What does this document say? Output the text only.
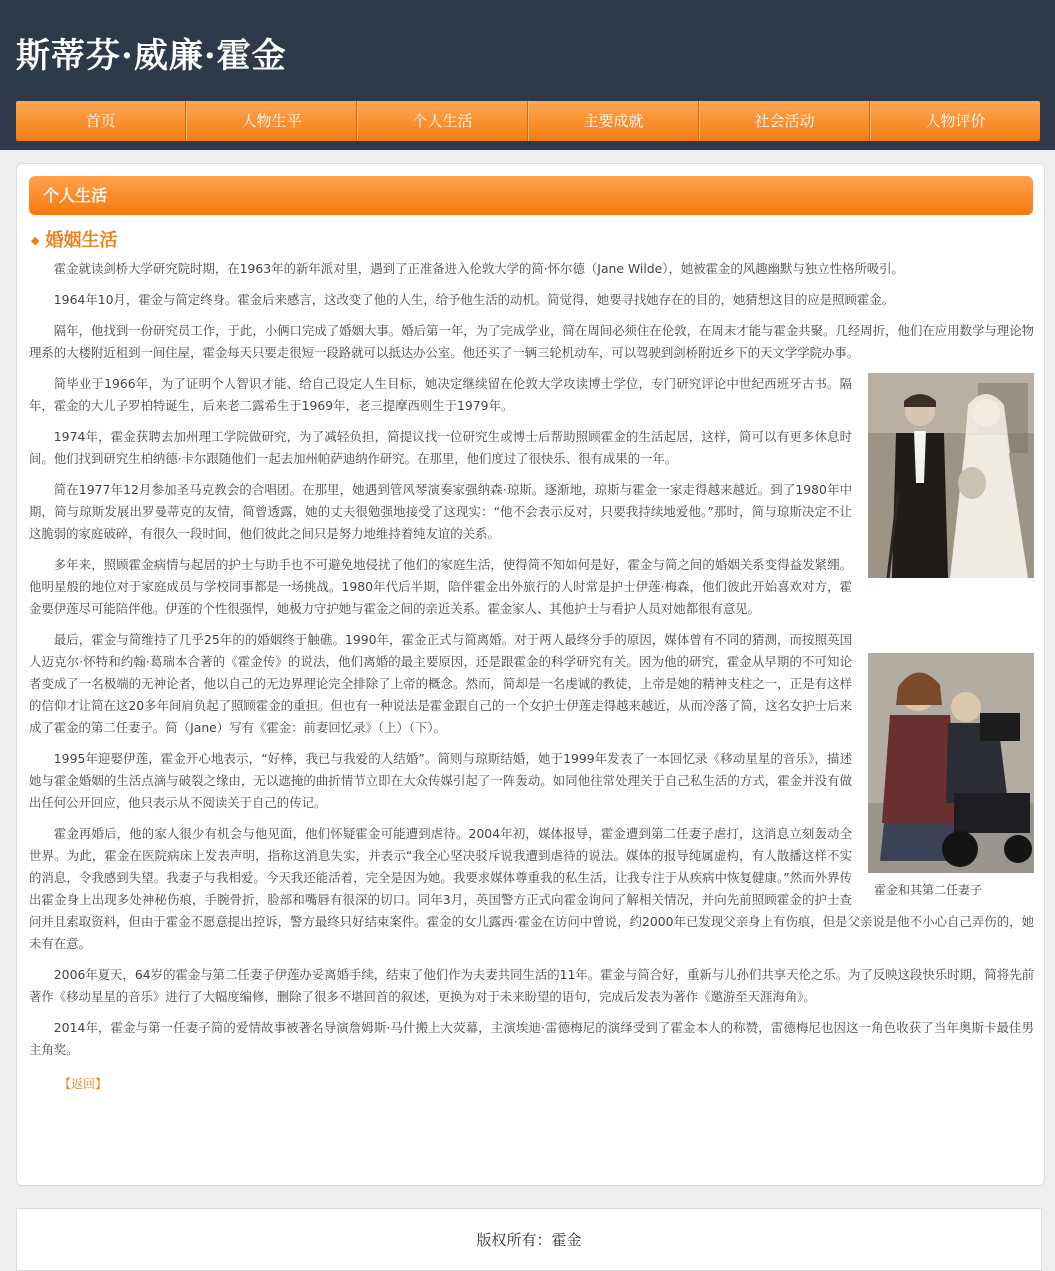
斯蒂芬·威廉·霍金
首页	人物生平	个人生活	主要成就	社会活动	人物评价
个人生活
◆ 婚姻生活

霍金就读剑桥大学研究院时期，在1963年的新年派对里，遇到了正准备进入伦敦大学的简·怀尔德（Jane Wilde），她被霍金的风趣幽默与独立性格所吸引。

1964年10月，霍金与简定终身。霍金后来感言，这改变了他的人生，给予他生活的动机。简觉得，她要寻找她存在的目的，她猜想这目的应是照顾霍金。

隔年，他找到一份研究员工作，于此，小俩口完成了婚姻大事。婚后第一年，为了完成学业，简在周间必须住在伦敦，在周末才能与霍金共聚。几经周折，他们在应用数学与理论物理系的大楼附近租到一间住屋，霍金每天只要走很短一段路就可以抵达办公室。他还买了一辆三轮机动车，可以驾驶到剑桥附近乡下的天文学学院办事。

简毕业于1966年，为了证明个人智识才能、给自己设定人生目标，她决定继续留在伦敦大学攻读博士学位，专门研究评论中世纪西班牙古书。隔年，霍金的大儿子罗柏特诞生，后来老二露希生于1969年，老三提摩西则生于1979年。

1974年，霍金获聘去加州理工学院做研究，为了减轻负担，简提议找一位研究生或博士后帮助照顾霍金的生活起居，这样，简可以有更多休息时间。他们找到研究生柏纳德·卡尔跟随他们一起去加州帕萨迪纳作研究。在那里，他们度过了很快乐、很有成果的一年。

简在1977年12月参加圣马克教会的合唱团。在那里，她遇到管风琴演奏家强纳森·琼斯。逐渐地，琼斯与霍金一家走得越来越近。到了1980年中期，简与琼斯发展出罗曼蒂克的友情，简曾透露，她的丈夫很勉强地接受了这现实：“他不会表示反对，只要我持续地爱他。”那时，简与琼斯决定不让这脆弱的家庭破碎，有很久一段时间，他们彼此之间只是努力地维持着纯友谊的关系。

多年来，照顾霍金病情与起居的护士与助手也不可避免地侵扰了他们的家庭生活，使得简不知如何是好，霍金与简之间的婚姻关系变得益发紧绷。他明星般的地位对于家庭成员与学校同事都是一场挑战。1980年代后半期，陪伴霍金出外旅行的人时常是护士伊莲·梅森，他们彼此开始喜欢对方，霍金要伊莲尽可能陪伴他。伊莲的个性很强悍，她极力守护她与霍金之间的亲近关系。霍金家人、其他护士与看护人员对她都很有意见。

霍金和其第二任妻子

最后，霍金与简维持了几乎25年的的婚姻终于触礁。1990年，霍金正式与简离婚。对于两人最终分手的原因，媒体曾有不同的猜测，而按照英国人迈克尔·怀特和约翰·葛瑞本合著的《霍金传》的说法，他们离婚的最主要原因，还是跟霍金的科学研究有关。因为他的研究，霍金从早期的不可知论者变成了一名极端的无神论者，他以自己的无边界理论完全排除了上帝的概念。然而，简却是一名虔诚的教徒，上帝是她的精神支柱之一，正是有这样的信仰才让简在这20多年间肩负起了照顾霍金的重担。但也有一种说法是霍金跟自己的一个女护士伊莲走得越来越近，从而冷落了简，这名女护士后来成了霍金的第二任妻子。简（Jane）写有《霍金：前妻回忆录》（上）（下）。

1995年迎娶伊莲，霍金开心地表示，“好棒，我已与我爱的人结婚”。简则与琼斯结婚，她于1999年发表了一本回忆录《移动星星的音乐》，描述她与霍金婚姻的生活点滴与破裂之缘由，无以遮掩的曲折情节立即在大众传媒引起了一阵轰动。如同他往常处理关于自己私生活的方式，霍金并没有做出任何公开回应，他只表示从不阅读关于自己的传记。

霍金再婚后，他的家人很少有机会与他见面，他们怀疑霍金可能遭到虐待。2004年初，媒体报导，霍金遭到第二任妻子虐打，这消息立刻轰动全世界。为此，霍金在医院病床上发表声明，指称这消息失实，并表示“我全心坚决驳斥说我遭到虐待的说法。媒体的报导纯属虚构，有人散播这样不实的消息，令我感到失望。我妻子与我相爱。今天我还能活着，完全是因为她。我要求媒体尊重我的私生活，让我专注于从疾病中恢复健康。”然而外界传出霍金身上出现多处神秘伤痕，手腕骨折，脸部和嘴唇有很深的切口。同年3月，英国警方正式向霍金询问了解相关情况，并向先前照顾霍金的护士查问并且索取资料，但由于霍金不愿意提出控诉，警方最终只好结束案件。霍金的女儿露西·霍金在访问中曾说，约2000年已发现父亲身上有伤痕，但是父亲说是他不小心自己弄伤的，她未有在意。

2006年夏天，64岁的霍金与第二任妻子伊莲办妥离婚手续，结束了他们作为夫妻共同生活的11年。霍金与简合好，重新与儿孙们共享天伦之乐。为了反映这段快乐时期，简将先前著作《移动星星的音乐》进行了大幅度编修，删除了很多不堪回首的叙述，更换为对于未来盼望的语句，完成后发表为著作《邀游至天涯海角》。

2014年，霍金与第一任妻子简的爱情故事被著名导演詹姆斯·马什搬上大荧幕，主演埃迪·雷德梅尼的演绎受到了霍金本人的称赞，雷德梅尼也因这一角色收获了当年奥斯卡最佳男主角奖。

【返回】
版权所有：霍金
